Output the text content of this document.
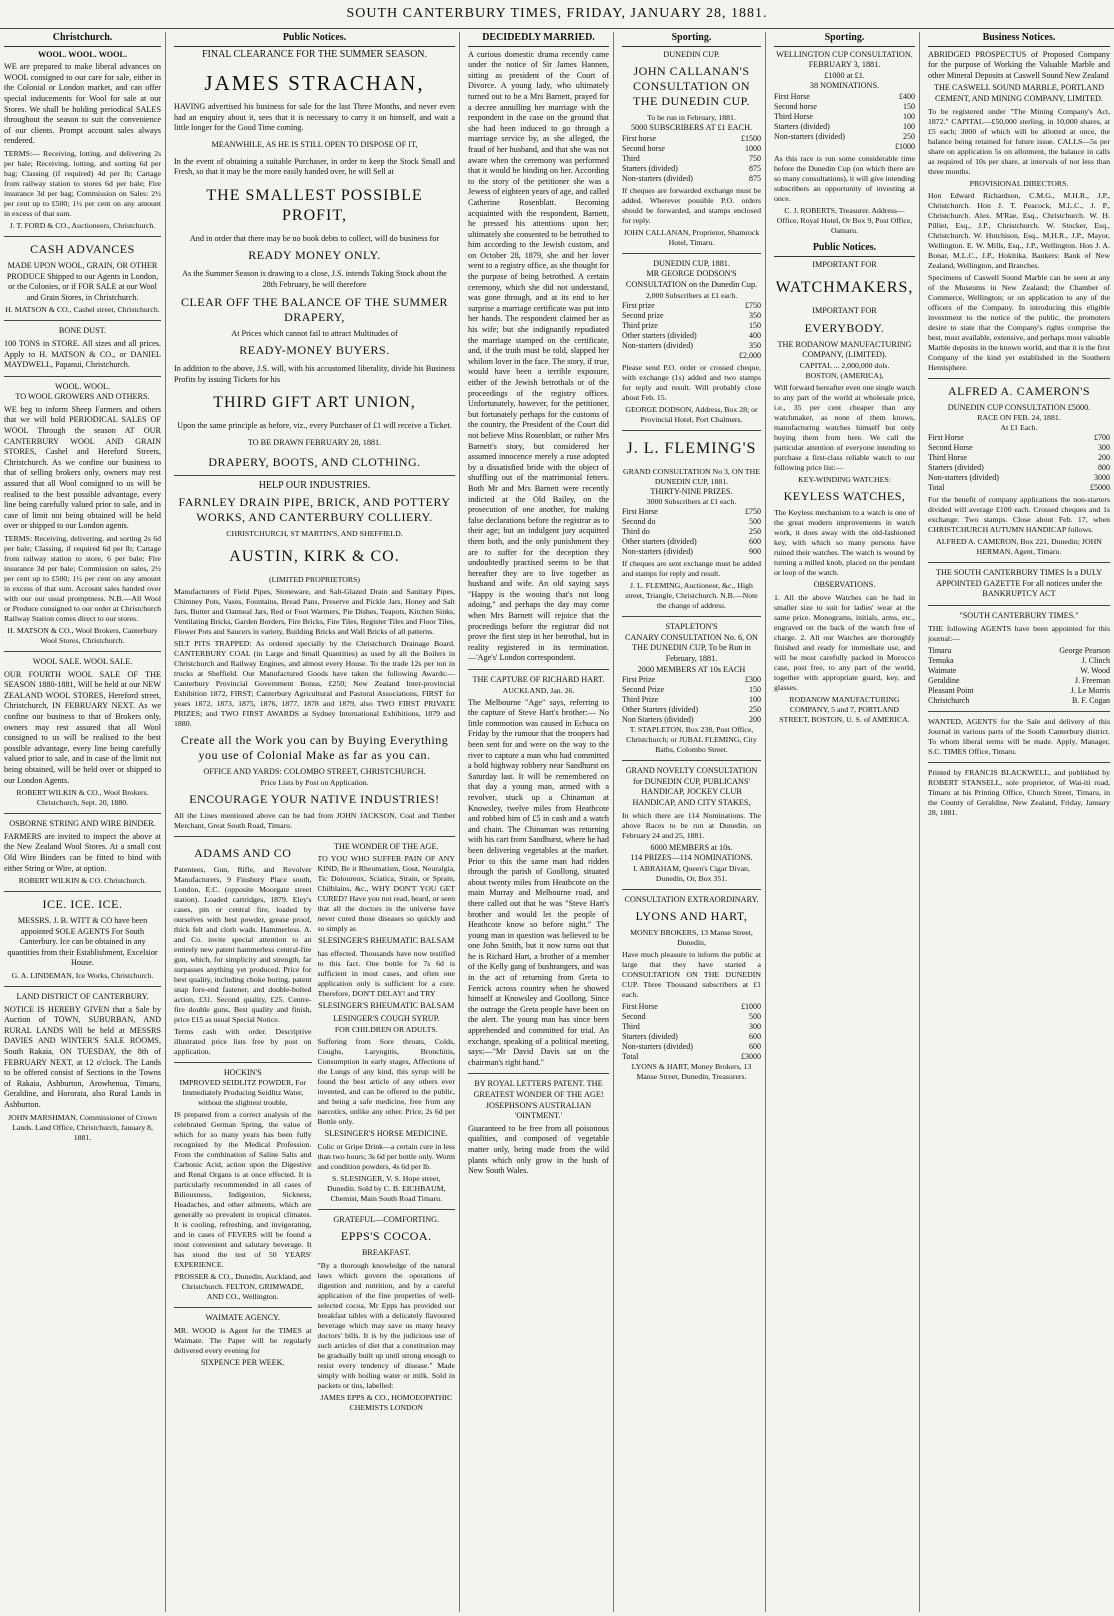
SOUTH CANTERBURY TIMES, FRIDAY, JANUARY 28, 1881.
Christchurch.
WOOL. WOOL. WOOL.

WE are prepared to make liberal advances on WOOL consigned to our care for sale, either in the Colonial or London market, and can offer special inducements for Wool for sale at our Stores. We shall be holding periodical SALES throughout the season to suit the convenience of our clients. Prompt account sales always rendered.

TERMS:— Receiving, lotting, and delivering 2s per bale; Receiving, lotting, and sorting 6d per bag; Classing (if required) 4d per lb; Cartage from railway station to stores 6d per bale; Fire insurance 3d per bag; Commission on Sales: 2½ per cent up to £500; 1½ per cent on any amount in excess of that sum.

J. T. FORD & CO., Auctioneers, Christchurch.
CASH ADVANCES

MADE UPON WOOL, GRAIN, OR OTHER PRODUCE Shipped to our Agents in London, or the Colonies, or if FOR SALE at our Wool and Grain Stores, in Christchurch.

H. MATSON & CO., Cashel street, Christchurch.
BONE DUST.

100 TONS in STORE. All sizes and all prices. Apply to H. MATSON & CO., or DANIEL MAYDWELL, Papanui, Christchurch.

WOOL. WOOL.
TO WOOL GROWERS AND OTHERS.

WE beg to inform Sheep Farmers and others that we will hold PERIODICAL SALES OF WOOL Through the season AT OUR CANTERBURY WOOL AND GRAIN STORES, Cashel and Hereford Streets, Christchurch. As we confine our business to that of selling brokers only, owners may rest assured that all Wool consigned to us will be realised to the best possible advantage, every line being carefully valued prior to sale, and in case of limit not being obtained will be held over or shipped to our London agents.

TERMS: Receiving, delivering, and sorting 2s 6d per bale; Classing, if required 6d per lb; Cartage from railway station to store, 6 per bale; Fire insurance 3d per bale; Commission on sales, 2½ per cent up to £500; 1½ per cent on any amount in excess of that sum. Account sales handed over with our our usual promptness. N.B.—All Wool or Produce consigned to our order at Christchurch Railway Station comes direct to our stores.

H. MATSON & CO., Wool Brokers, Canterbury Wool Stores, Christchurch.
WOOL SALE. WOOL SALE.

OUR FOURTH WOOL SALE OF THE SEASON 1880-1881, Will be held at our NEW ZEALAND WOOL STORES, Hereford street, Christchurch, IN FEBRUARY NEXT. As we confine our business to that of Brokers only, owners may rest assured that all Wool consigned to us will be realised to the best possible advantage, every line being carefully valued prior to sale, and in case of the limit not being obtained, will be held over or shipped to our London Agents.

ROBERT WILKIN & CO., Wool Brokers. Christchurch, Sept. 20, 1880.
OSBORNE STRING AND WIRE BINDER.

FARMERS are invited to inspect the above at the New Zealand Wool Stores. At a small cost Old Wire Binders can be fitted to bind with either String or Wire, at option.

ROBERT WILKIN & CO. Christchurch.
ICE. ICE. ICE.

MESSRS. J. B. WITT & CO have been appointed SOLE AGENTS For South Canterbury. Ice can be obtained in any quantities from their Establishment, Excelsior House.

G. A. LINDEMAN, Ice Works, Christchurch.
LAND DISTRICT OF CANTERBURY.

NOTICE IS HEREBY GIVEN that a Sale by Auction of TOWN, SUBURBAN, AND RURAL LANDS Will be held at MESSRS DAVIES AND WINTER'S SALE ROOMS, South Rakaia, ON TUESDAY, the 8th of FEBRUARY NEXT, at 12 o'clock. The Lands to be offered consist of Sections in the Towns of Rakaia, Ashburton, Arowhenua, Timaru, Geraldine, and Hororata, also Rural Lands in Ashburton.

JOHN MARSHMAN, Commissioner of Crown Lands. Land Office, Christchurch, January 8, 1881.
Public Notices.
FINAL CLEARANCE FOR THE SUMMER SEASON.
JAMES STRACHAN,

HAVING advertised his business for sale for the last Three Months, and never even had an enquiry about it, sees that it is necessary to carry it on himself, and wait a little longer for the Good Time coming.

MEANWHILE, AS HE IS STILL OPEN TO DISPOSE OF IT,

In the event of obtaining a suitable Purchaser, in order to keep the Stock Small and Fresh, so that it may be the more easily handed over, he will Sell at

THE SMALLEST POSSIBLE PROFIT,
And in order that there may be no book debts to collect, will do business for
READY MONEY ONLY.
As the Summer Season is drawing to a close, J.S. intends Taking Stock about the 28th February, he will therefore
CLEAR OFF THE BALANCE OF THE SUMMER DRAPERY,
At Prices which cannot fail to attract Multitudes of
READY-MONEY BUYERS.

In addition to the above, J.S. will, with his accustomed liberality, divide his Business Profits by issuing Tickets for his

THIRD GIFT ART UNION,
Upon the same principle as before, viz., every Purchaser of £1 will receive a Ticket.
TO BE DRAWN FEBRUARY 28, 1881.
DRAPERY, BOOTS, AND CLOTHING.
HELP OUR INDUSTRIES.
FARNLEY DRAIN PIPE, BRICK, AND POTTERY WORKS, AND CANTERBURY COLLIERY.
CHRISTCHURCH, ST MARTIN'S, AND SHEFFIELD.
AUSTIN, KIRK & CO.
(LIMITED PROPRIETORS)

Manufacturers of Field Pipes, Stoneware, and Salt-Glazed Drain and Sanitary Pipes, Chimney Pots, Vases, Fountains, Bread Pans, Preserve and Pickle Jars, Honey and Salt Jars, Butter and Oatmeal Jars, Red or Foot Warmers, Pie Dishes, Teapots, Kitchen Sinks, Ventilating Bricks, Garden Borders, Fire Bricks, Fire Tiles, Register Tiles and Floor Tiles, Flower Pots and Saucers in variety, Building Bricks and Wall Bricks of all patterns.

SILT PITS TRAPPED: As ordered specially by the Christchurch Drainage Board. CANTERBURY COAL (in Large and Small Quantities) as used by all the Boilers in Christchurch and Railway Engines, and almost every House. To the trade 12s per ton in trucks at Sheffield. Our Manufactured Goods have taken the following Awards:—Canterbury Provincial Government Bonus, £250; New Zealand Inter-provincial Exhibition 1872, FIRST; Canterbury Agricultural and Pastoral Associations, FIRST for years 1872, 1873, 1875, 1876, 1877, 1878 and 1879, also TWO FIRST PRIVATE PRIZES; and TWO FIRST AWARDS at Sydney International Exhibitions, 1879 and 1880.

Create all the Work you can by Buying Everything you use of Colonial Make as far as you can.
OFFICE AND YARDS: COLOMBO STREET, CHRISTCHURCH.
Price Lists by Post on Application.
ENCOURAGE YOUR NATIVE INDUSTRIES!

All the Lines mentioned above can be had from JOHN JACKSON, Coal and Timber Merchant, Great South Road, Timaru.

ADAMS AND CO

Patentees, Gun, Rifle, and Revolver Manufacturers, 9 Finsbury Place south, London, E.C. (opposite Moorgate street station). Loaded cartridges, 1879. Eley's cases, pin or central fire, loaded by ourselves with best powder, grease proof, thick felt and cloth wads. Hammerless. A. and Co. invite special attention to an entirely new patent hammerless central-fire gun, which, for simplicity and strength, far surpasses anything yet produced. Price for best quality, including choke boring, patent snap fore-end fastener, and double-bolted action, £31. Second quality, £25. Centre-fire double guns, Best quality and finish, price £15 as usual Special Notice.

Terms cash with order. Descriptive illustrated price lists free by post on application.

HOCKIN'S
IMPROVED SEIDLITZ POWDER, For Immediately Producing Seidlitz Water, without the slightest trouble,

IS prepared from a correct analysis of the celebrated German Spring, the value of which for so many years has been fully recognised by the Medical Profession. From the combination of Saline Salts and Carbonic Acid, action upon the Digestive and Renal Organs is at once effected. It is particularly recommended in all cases of Biliousness, Indigestion, Sickness, Headaches, and other ailments, which are generally so prevalent in tropical climates. It is cooling, refreshing, and invigorating, and in cases of FEVERS will be found a most convenient and salutary beverage. It has stood the test of 50 YEARS' EXPERIENCE.

PROSSER & CO., Dunedin, Auckland, and Christchurch. FELTON, GRIMWADE, AND CO., Wellington.
WAIMATE AGENCY.

MR. WOOD is Agent for the TIMES at Waimate. The Paper will be regularly delivered every evening for

SIXPENCE PER WEEK.
THE WONDER OF THE AGE.

TO YOU WHO SUFFER PAIN OF ANY KIND, Be it Rheumatism, Gout, Neuralgia, Tic Doloureux, Sciatica, Strain, or Sprain, Chilblains, &c., WHY DON'T YOU GET CURED? Have you not read, heard, or seen that all the doctors in the universe have never cured those diseases so quickly and so simply as

SLESINGER'S RHEUMATIC BALSAM

has effected. Thousands have now testified to this fact. One bottle for 7s 6d is sufficient in most cases, and often one application only is sufficient for a cure. Therefore, DON'T DELAY! and TRY

SLESINGER'S RHEUMATIC BALSAM
LESINGER'S COUGH SYRUP.
FOR CHILDREN OR ADULTS.

Suffering from Sore throats, Colds, Coughs, Laryngitis, Bronchitis, Consumption in early stages, Affections of the Lungs of any kind, this syrup will be found the best article of any others ever invented, and can be offered to the public, and being a safe medicine, free from any narcotics, unlike any other. Price, 2s 6d per Bottle only.

SLESINGER'S HORSE MEDICINE.

Colic or Gripe Drink—a certain cure in less than two hours; 3s 6d per bottle only. Worm and condition powders, 4s 6d per lb.

S. SLESINGER, V. S. Hope street, Dunedin. Sold by C. B. EICHBAUM, Chemist, Main South Road Timaru.
GRATEFUL—COMFORTING.
EPPS'S COCOA.
BREAKFAST.

"By a thorough knowledge of the natural laws which govern the operations of digestion and nutrition, and by a careful application of the fine properties of well-selected cocoa, Mr Epps has provided our breakfast tables with a delicately flavoured beverage which may save us many heavy doctors' bills. It is by the judicious use of such articles of diet that a constitution may be gradually built up until strong enough to resist every tendency of disease." Made simply with boiling water or milk. Sold in packets or tins, labelled:

JAMES EPPS & CO., HOMOEOPATHIC CHEMISTS LONDON
DECIDEDLY MARRIED.

A curious domestic drama recently came under the notice of Sir James Hannen, sitting as president of the Court of Divorce. A young lady, who ultimately turned out to be a Mrs Barnett, prayed for a decree annulling her marriage with the respondent in the case on the ground that she had been induced to go through a marriage service by, as she alleged, the fraud of her husband, and that she was not aware when the ceremony was performed that it would be binding on her. According to the story of the petitioner she was a Jewess of eighteen years of age, and called Catherine Rosenblatt. Becoming acquainted with the respondent, Barnett, he pressed his attentions upon her; ultimately she consented to be betrothed to him according to the Jewish custom, and on October 28, 1879, she and her lover went to a registry office, as she thought for the purpose of being betrothed. A certain ceremony, which she did not understand, was gone through, and at its end to her surprise a marriage certificate was put into her hands. The respondent claimed her as his wife; but she indignantly repudiated the marriage stamped on the certificate, and, if the truth must be told, slapped her whilom lover in the face. The story, if true, would have been a terrible exposure, either of the Jewish betrothals or of the proceedings of the registry offices. Unfortunately, however, for the petitioner, but fortunately perhaps for the customs of the country, the President of the Court did not believe Miss Rosenblatt, or rather Mrs Barnett's story, but considered her assumed innocence merely a ruse adopted by a dissatisfied bride with the object of shuffling out of the matrimonial fetters. Both Mr and Mrs Barnett were recently indicted at the Old Bailey, on the prosecution of one another, for making false declarations before the registrar as to their age; but an indulgent jury acquitted them both, and the only punishment they are to suffer for the deception they undoubtedly practised seems to be that hereafter they are to live together as husband and wife. An old saying says "Happy is the wooing that's not long adoing," and perhaps the day may come when Mrs Barnett will rejoice that the proceedings before the registrar did not prove the first step in her betrothal, but in reality registered in its termination.—'Age's' London correspondent.

THE CAPTURE OF RICHARD HART.
AUCKLAND, Jan. 26.

The Melbourne "Age" says, referring to the capture of Steve Hart's brother:— No little commotion was caused in Echuca on Friday by the rumour that the troopers had been sent for and were on the way to the river to capture a man who had committed a bold highway robbery near Sandhurst on Saturday last. It will be remembered on that day a young man, armed with a revolver, stuck up a Chinaman at Knowsley, twelve miles from Heathcote and robbed him of £5 in cash and a watch and chain. The Chinaman was returning with his cart from Sandhurst, where he had been delivering vegetables at the market. Prior to this the same man had ridden through the parish of Goollong, situated about twenty miles from Heathcote on the main Murray and Melbourne road, and there called out that he was "Steve Hart's brother and would let the people of Heathcote know so before night." The young man in question was believed to be one John Smith, but it now turns out that he is Richard Hart, a brother of a member of the Kelly gang of bushrangers, and was in the act of returning from Greta to Ferrick across country when he showed himself at Knowsley and Goollong. Since the outrage the Greta people have been on the alert. The young man has since been apprehended and committed for trial. An exchange, speaking of a political meeting, says:—"Mr David Davis sat on the chairman's right hand."

BY ROYAL LETTERS PATENT. THE GREATEST WONDER OF THE AGE!
JOSEPHSON'S AUSTRALIAN 'OINTMENT.'

Guaranteed to be free from all poisonous qualities, and composed of vegetable matter only, being made from the wild plants which only grow in the bush of New South Wales.

Sporting.
DUNEDIN CUP.
JOHN CALLANAN'S CONSULTATION ON THE DUNEDIN CUP.
To be run in February, 1881.
5000 SUBSCRIBERS AT £1 EACH.
First horse	£1500
Second horse	1000
Third	750
Starters (divided)	875
Non-starters (divided)	875

If cheques are forwarded exchange must be added. Wherever possible P.O. orders should be forwarded, and stamps enclosed for reply.

JOHN CALLANAN, Proprietor, Shamrock Hotel, Timaru.
DUNEDIN CUP, 1881.
MR GEORGE DODSON'S CONSULTATION on the Dunedin Cup.
2,000 Subscribers at £1 each.
First prize	£750
Second prize	350
Third prize	150
Other starters (divided)	400
Non-starters (divided)	350
	£2,000

Please send P.O. order or crossed cheque, with exchange (1s) added and two stamps for reply and result. Will probably close about Feb. 15.

GEORGE DODSON, Address, Box 28; or Provincial Hotel, Port Chalmers.
J. L. FLEMING'S
GRAND CONSULTATION No 3, ON THE DUNEDIN CUP, 1881.
THIRTY-NINE PRIZES.
3000 Subscribers at £1 each.
First Horse	£750
Second do	500
Third do	250
Other starters (divided)	600
Non-starters (divided)	900

If cheques are sent exchange must be added and stamps for reply and result.

J. L. FLEMING, Auctioneer, &c., High street, Triangle, Christchurch. N.B.—Note the change of address.
STAPLETON'S
CANARY CONSULTATION No. 6, ON THE DUNEDIN CUP, To be Run in February, 1881.
2000 MEMBERS AT 10s EACH
First Prize	£300
Second Prize	150
Third Prize	100
Other Starters (divided)	250
Non Starters (divided)	200
T. STAPLETON, Box 238, Post Office, Christchurch; or JUBAL FLEMING, City Baths, Colombo Street.
GRAND NOVELTY CONSULTATION for DUNEDIN CUP, PUBLICANS' HANDICAP, JOCKEY CLUB HANDICAP, AND CITY STAKES,

In which there are 114 Nominations. The above Races to be run at Dunedin, on February 24 and 25, 1881.

6000 MEMBERS at 10s.
114 PRIZES—114 NOMINATIONS.
I. ABRAHAM, Queen's Cigar Divan, Dunedin, Or, Box 351.
CONSULTATION EXTRAORDINARY.
LYONS AND HART,
MONEY BROKERS, 13 Manse Street, Dunedin,

Have much pleasure to inform the public at large that they have started a CONSULTATION ON THE DUNEDIN CUP. Three Thousand subscribers at £1 each.

First Horse	£1000
Second	500
Third	300
Starters (divided)	600
Non-starters (divided)	600
Total	£3000
LYONS & HART, Money Brokers, 13 Manse Street, Dunedin, Treasurers.
Sporting.
WELLINGTON CUP CONSULTATION. FEBRUARY 3, 1881.
£1000 at £1.
38 NOMINATIONS.
First Horse	£400
Second horse	150
Third Horse	100
Starters (divided)	100
Non-starters (divided)	250
	£1000

As this race is run some considerable time before the Dunedin Cup (on which there are so many consultations), it will give intending subscribers an opportunity of investing at once.

C. J. ROBERTS, Treasurer. Address—Office, Royal Hotel, Or Box 9, Post Office, Oamaru.
Public Notices.
IMPORTANT FOR
WATCHMAKERS,
IMPORTANT FOR
EVERYBODY.
THE RODANOW MANUFACTURING COMPANY, (LIMITED).
CAPITAL ... 2,000,000 dols.
BOSTON, (AMERICA),

Will forward hereafter even one single watch to any part of the world at wholesale price, i.e., 35 per cent cheaper than any watchmaker, as none of them knows, manufacturing watches himself but only buying them from here. We call the particular attention of everyone intending to purchase a first-class reliable watch to our following price list:—

KEY-WINDING WATCHES:
KEYLESS WATCHES,

The Keyless mechanism to a watch is one of the great modern improvements in watch work, it does away with the old-fashioned key, with which so many persons have ruined their watches. The watch is wound by turning a milled knob, placed on the pendant or loop of the watch.

OBSERVATIONS.

1. All the above Watches can be had in smaller size to suit for ladies' wear at the same price. Monograms, initials, arms, etc., engraved on the back of the watch free of charge. 2. All our Watches are thoroughly finished and ready for immediate use, and will be most carefully packed in Morocco case, post free, to any part of the world, together with appropriate guard, key, and glasses.

RODANOW MANUFACTURING COMPANY, 5 and 7, PORTLAND STREET, BOSTON, U. S. of AMERICA.
Business Notices.

ABRIDGED PROSPECTUS of Proposed Company for the purpose of Working the Valuable Marble and other Mineral Deposits at Caswell Sound New Zealand

THE CASWELL SOUND MARBLE, PORTLAND CEMENT, AND MINING COMPANY, LIMITED.

To be registered under "The Mining Company's Act, 1872." CAPITAL—£50,000 sterling, in 10,000 shares, at £5 each; 3000 of which will be allotted at once, the balance being retained for future issue. CALLS—5s per share on application 5s on allotment, the balance in calls as required of 10s per share, at intervals of not less than three months.

PROVISIONAL DIRECTORS.

Hon Edward Richardson, C.M.G., M.H.R., J.P., Christchurch. Hon J. T. Peacock, M.L.C., J. P., Christchurch. Alex. M'Rae, Esq., Christchurch. W. H. Pilliet, Esq., J.P., Christchurch. W. Stocker, Esq., Christchurch. W. Hutchison, Esq., M.H.R., J.P., Mayor, Wellington. E. W. Mills, Esq., J.P., Wellington. Hon J. A. Bonar, M.L.C., J.P., Hokitika. Bankers: Bank of New Zealand, Wellington, and Branches.

Specimens of Caswell Sound Marble can be seen at any of the Museums in New Zealand; the Chamber of Commerce, Wellington; or on application to any of the officers of the Company. In introducing this eligible investment to the notice of the public, the promoters desire to state that the Company's rights comprise the best, most available, extensive, and perhaps most valuable Marble deposits in the known world, and that it is the first Company of the kind yet established in the Southern Hemisphere.

ALFRED A. CAMERON'S
DUNEDIN CUP CONSULTATION £5000.
RACE ON FEB. 24, 1881.
At £1 Each.
First Horse	£700
Second Horse	300
Third Horse	200
Starters (divided)	800
Non-starters (divided)	3000
Total	£5000

For the benefit of company applications the non-starters divided will average £100 each. Crossed cheques and 1s exchange. Two stamps. Close about Feb. 17, when CHRISTCHURCH AUTUMN HANDICAP follows.

ALFRED A. CAMERON, Box 221, Dunedin; JOHN HERMAN, Agent, Timaru.
THE SOUTH CANTERBURY TIMES Is a DULY APPOINTED GAZETTE For all notices under the BANKRUPTCY ACT
"SOUTH CANTERBURY TIMES."

THE following AGENTS have been appointed for this journal:—

Timaru	George Pearson
Temuka	J. Clinch
Waimate	W. Wood
Geraldine	J. Freeman
Pleasant Point	J. Le Morris
Christchurch	B. F. Cogan

WANTED, AGENTS for the Sale and delivery of this Journal in various parts of the South Canterbury district. To whom liberal terms will be made. Apply, Manager, S.C. TIMES Office, Timaru.

Printed by FRANCIS BLACKWELL, and published by ROBERT STANSELL, sole proprietor, of Wai-iti road, Timaru at his Printing Office, Church Street, Timaru, in the County of Geraldine, New Zealand, Friday, January 28, 1881.
